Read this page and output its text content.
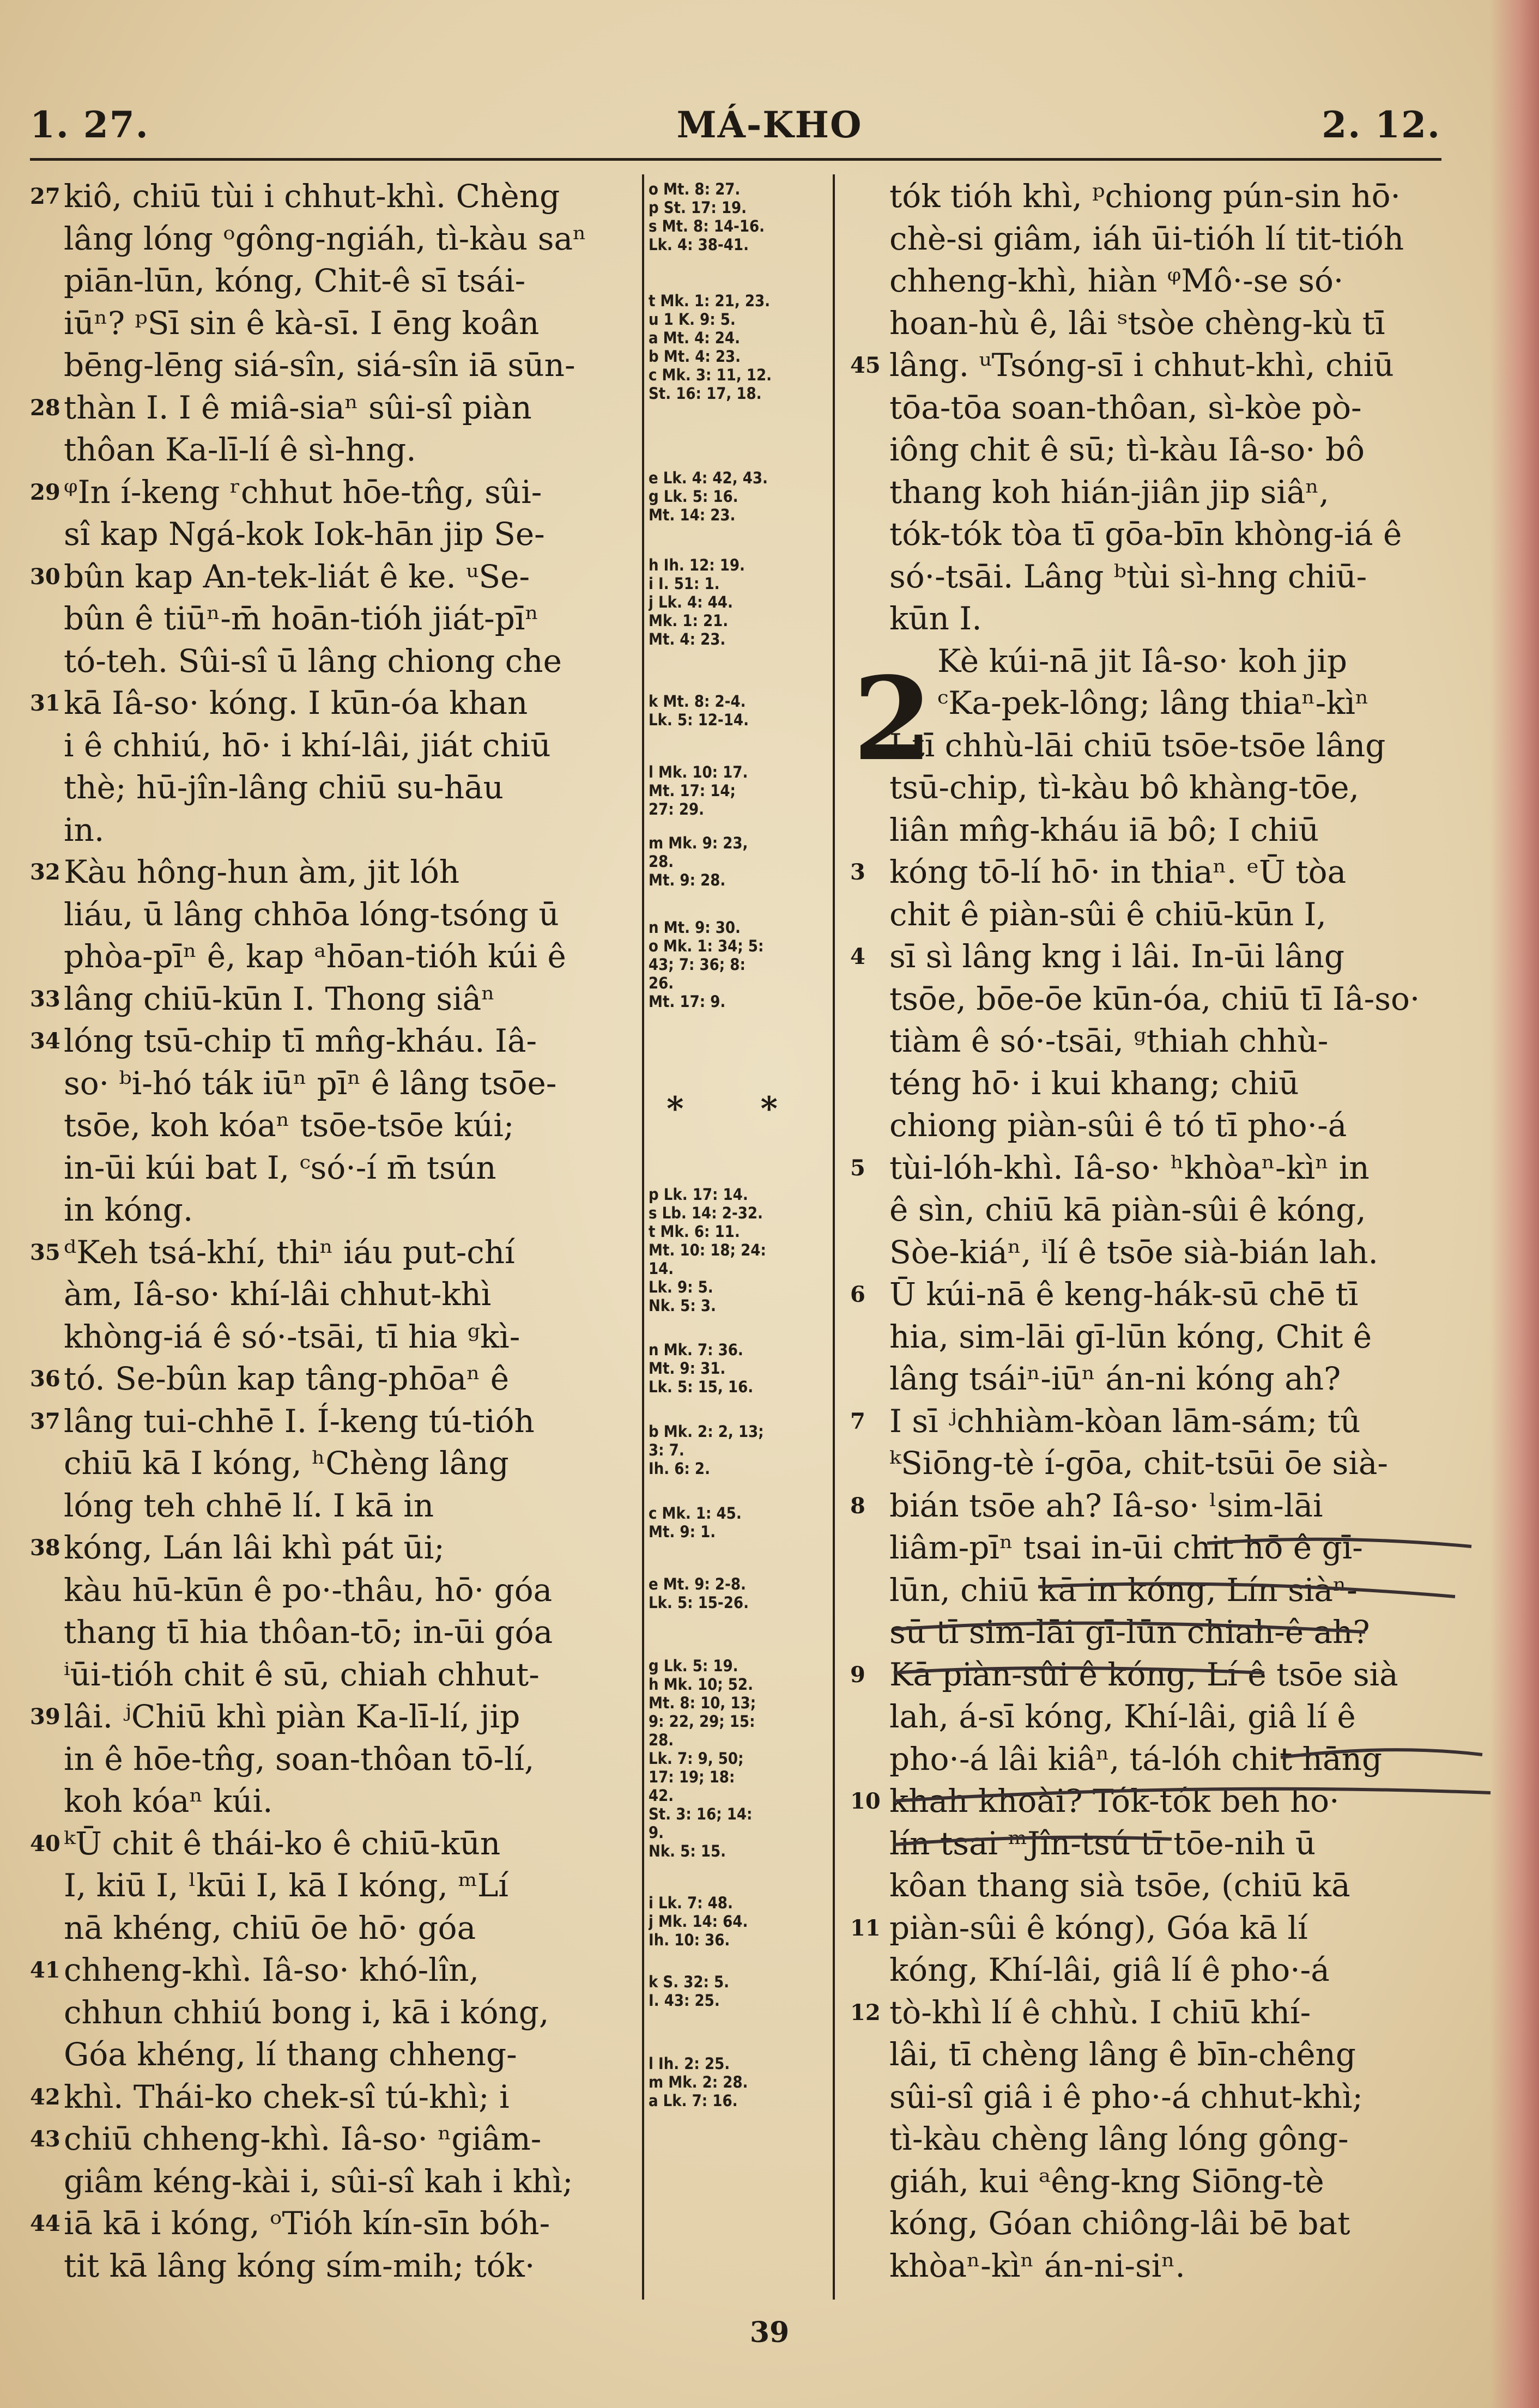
1. 27.	MÁ-KHO	2. 12.
27 kiô, chiū tùi i chhut-khì. Chèng
lâng lóng ᵒgông-ngiáh, tì-kàu saⁿ
piān-lūn, kóng, Chit-ê sī tsái-
iūⁿ? ᵖSī sin ê kà-sī. I ēng koân
bēng-lēng siá-sîn, siá-sîn iā sūn-
28 thàn I. I ê miâ-siaⁿ sûi-sî piàn
thôan Ka-lī-lí ê sì-hng.
29 ᵠIn í-keng ʳchhut hōe-tn̂g, sûi-
sî kap Ngá-kok Iok-hān jip Se-
30 bûn kap An-tek-liát ê ke. ᵘSe-
bûn ê tiūⁿ-m̄ hoān-tióh jiát-pīⁿ
tó-teh. Sûi-sî ū lâng chiong che
31 kā Iâ-so· kóng. I kūn-óa khan
i ê chhiú, hō· i khí-lâi, jiát chiū
thè; hū-jîn-lâng chiū su-hāu
in.
32 Kàu hông-hun àm, jit lóh
liáu, ū lâng chhōa lóng-tsóng ū
phòa-pīⁿ ê, kap ᵃhōan-tióh kúi ê
33 lâng chiū-kūn I. Thong siâⁿ
34 lóng tsū-chip tī mn̂g-kháu. Iâ-
so· ᵇi-hó ták iūⁿ pīⁿ ê lâng tsōe-
tsōe, koh kóaⁿ tsōe-tsōe kúi;
in-ūi kúi bat I, ᶜsó·-í m̄ tsún
in kóng.
35 ᵈKeh tsá-khí, thiⁿ iáu put-chí
àm, Iâ-so· khí-lâi chhut-khì
khòng-iá ê só·-tsāi, tī hia ᵍkì-
36 tó. Se-bûn kap tâng-phōaⁿ ê
37 lâng tui-chhē I. Í-keng tú-tióh
chiū kā I kóng, ʰChèng lâng
lóng teh chhē lí. I kā in
38 kóng, Lán lâi khì pát ūi;
kàu hū-kūn ê po·-thâu, hō· góa
thang tī hia thôan-tō; in-ūi góa
ⁱūi-tióh chit ê sū, chiah chhut-
39 lâi. ʲChiū khì piàn Ka-lī-lí, jip
in ê hōe-tn̂g, soan-thôan tō-lí,
koh kóaⁿ kúi.
40 ᵏŪ chit ê thái-ko ê chiū-kūn
I, kiū I, ˡkūi I, kā I kóng, ᵐLí
nā khéng, chiū ōe hō· góa
41 chheng-khì. Iâ-so· khó-lîn,
chhun chhiú bong i, kā i kóng,
Góa khéng, lí thang chheng-
42 khì. Thái-ko chek-sî tú-khì; i
43 chiū chheng-khì. Iâ-so· ⁿgiâm-
giâm kéng-kài i, sûi-sî kah i khì;
44 iā kā i kóng, ᵒTióh kín-sīn bóh-
tit kā lâng kóng sím-mih; tók·
o Mt. 8: 27.
p St. 17: 19.
s Mt. 8: 14-16.
Lk. 4: 38-41.
t Mk. 1: 21, 23.
u 1 K. 9: 5.
a Mt. 4: 24.
b Mt. 4: 23.
c Mk. 3: 11, 12.
St. 16: 17, 18.
e Lk. 4: 42, 43.
g Lk. 5: 16.
Mt. 14: 23.
h Ih. 12: 19.
i I. 51: 1.
j Lk. 4: 44.
Mk. 1: 21.
Mt. 4: 23.
k Mt. 8: 2-4.
Lk. 5: 12-14.
l Mk. 10: 17.
Mt. 17: 14;
27: 29.
m Mk. 9: 23,
28.
Mt. 9: 28.
n Mt. 9: 30.
o Mk. 1: 34; 5:
43; 7: 36; 8:
26.
Mt. 17: 9.
p Lk. 17: 14.
s Lb. 14: 2-32.
t Mk. 6: 11.
Mt. 10: 18; 24:
14.
Lk. 9: 5.
Nk. 5: 3.
n Mk. 7: 36.
Mt. 9: 31.
Lk. 5: 15, 16.
b Mk. 2: 2, 13;
3: 7.
Ih. 6: 2.
c Mk. 1: 45.
Mt. 9: 1.
e Mt. 9: 2-8.
Lk. 5: 15-26.
g Lk. 5: 19.
h Mk. 10; 52.
Mt. 8: 10, 13;
9: 22, 29; 15:
28.
Lk. 7: 9, 50;
17: 19; 18:
42.
St. 3: 16; 14:
9.
Nk. 5: 15.
i Lk. 7: 48.
j Mk. 14: 64.
Ih. 10: 36.
k S. 32: 5.
I. 43: 25.
l Ih. 2: 25.
m Mk. 2: 28.
a Lk. 7: 16.
* *
2
tók tióh khì, ᵖchiong pún-sin hō·
chè-si giâm, iáh ūi-tióh lí tit-tióh
chheng-khì, hiàn ᵠMô·-se só·
hoan-hù ê, lâi ˢtsòe chèng-kù tī
45 lâng. ᵘTsóng-sī i chhut-khì, chiū
tōa-tōa soan-thôan, sì-kòe pò-
iông chit ê sū; tì-kàu Iâ-so· bô
thang koh hián-jiân jip siâⁿ,
tók-tók tòa tī gōa-bīn khòng-iá ê
só·-tsāi. Lâng ᵇtùi sì-hng chiū-
kūn I.
Kè kúi-nā jit Iâ-so· koh jip
ᶜKa-pek-lông; lâng thiaⁿ-kìⁿ
I tī chhù-lāi chiū tsōe-tsōe lâng
tsū-chip, tì-kàu bô khàng-tōe,
liân mn̂g-kháu iā bô; I chiū
3 kóng tō-lí hō· in thiaⁿ. ᵉŪ tòa
chit ê piàn-sûi ê chiū-kūn I,
4 sī sì lâng kng i lâi. In-ūi lâng
tsōe, bōe-ōe kūn-óa, chiū tī Iâ-so·
tiàm ê só·-tsāi, ᵍthiah chhù-
téng hō· i kui khang; chiū
chiong piàn-sûi ê tó tī pho·-á
5 tùi-lóh-khì. Iâ-so· ʰkhòaⁿ-kìⁿ in
ê sìn, chiū kā piàn-sûi ê kóng,
Sòe-kiáⁿ, ⁱlí ê tsōe sià-bián lah.
6 Ū kúi-nā ê keng-hák-sū chē tī
hia, sim-lāi gī-lūn kóng, Chit ê
lâng tsáiⁿ-iūⁿ án-ni kóng ah?
7 I sī ʲchhiàm-kòan lām-sám; tû
ᵏSiōng-tè í-gōa, chit-tsūi ōe sià-
8 bián tsōe ah? Iâ-so· ˡsim-lāi
liâm-pīⁿ tsai in-ūi chit hō ê gī-
lūn, chiū kā in kóng, Lín siàⁿ-
sū tī sim-lāi gī-lūn chiah-ê ah?
9 Kā piàn-sûi ê kóng, Lí ê tsōe sià
lah, á-sī kóng, Khí-lâi, giâ lí ê
pho·-á lâi kiâⁿ, tá-lóh chit hāng
10 khah khoài? Tók-tók beh hō·
lín tsai ᵐJîn-tsú tī tōe-nih ū
kôan thang sià tsōe, (chiū kā
11 piàn-sûi ê kóng), Góa kā lí
kóng, Khí-lâi, giâ lí ê pho·-á
12 tò-khì lí ê chhù. I chiū khí-
lâi, tī chèng lâng ê bīn-chêng
sûi-sî giâ i ê pho·-á chhut-khì;
tì-kàu chèng lâng lóng gông-
giáh, kui ᵃêng-kng Siōng-tè
kóng, Góan chiông-lâi bē bat
khòaⁿ-kìⁿ án-ni-siⁿ.
39
